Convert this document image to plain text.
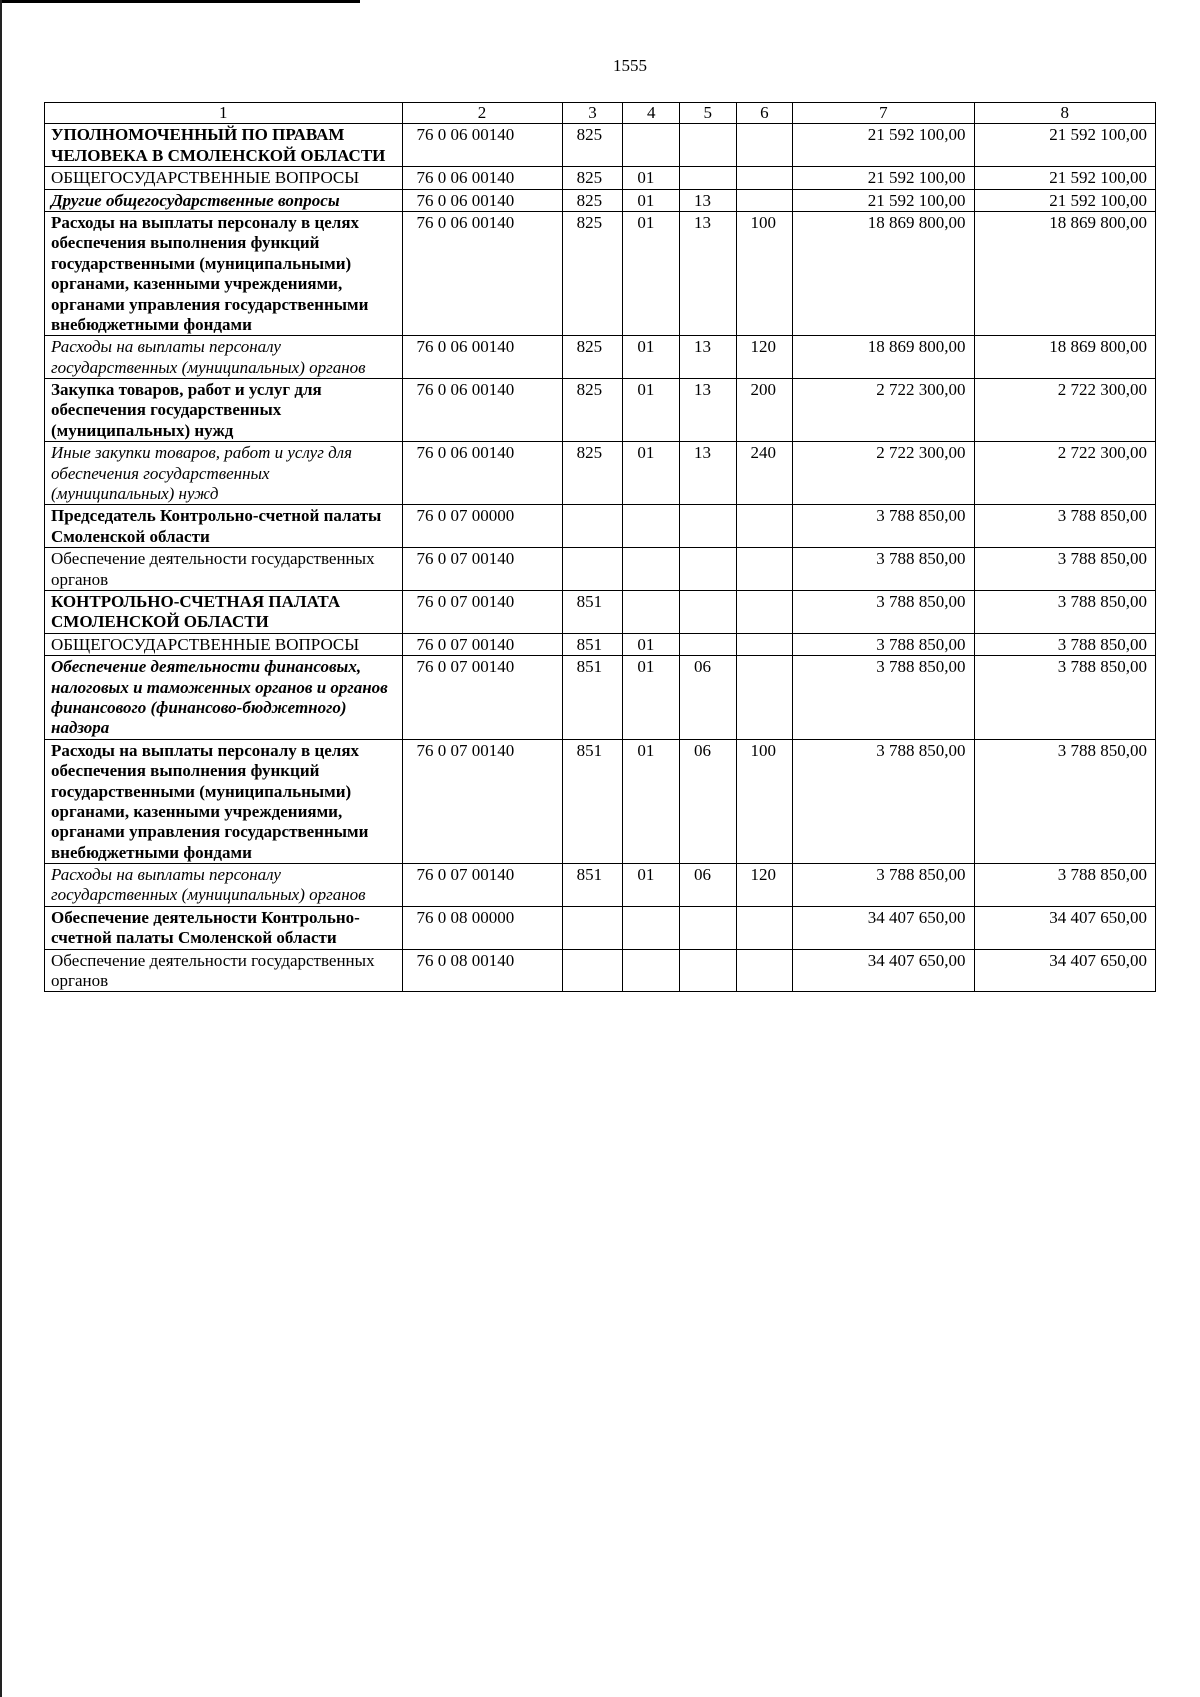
1555
1	2	3	4	5	6	7	8
УПОЛНОМОЧЕННЫЙ ПО ПРАВАМ ЧЕЛОВЕКА В СМОЛЕНСКОЙ ОБЛАСТИ	76 0 06 00140	825				21 592 100,00	21 592 100,00
ОБЩЕГОСУДАРСТВЕННЫЕ ВОПРОСЫ	76 0 06 00140	825	01			21 592 100,00	21 592 100,00
Другие общегосударственные вопросы	76 0 06 00140	825	01	13		21 592 100,00	21 592 100,00
Расходы на выплаты персоналу в целях обеспечения выполнения функций государственными (муниципальными) органами, казенными учреждениями, органами управления государственными внебюджетными фондами	76 0 06 00140	825	01	13	100	18 869 800,00	18 869 800,00
Расходы на выплаты персоналу государственных (муниципальных) органов	76 0 06 00140	825	01	13	120	18 869 800,00	18 869 800,00
Закупка товаров, работ и услуг для обеспечения государственных (муниципальных) нужд	76 0 06 00140	825	01	13	200	2 722 300,00	2 722 300,00
Иные закупки товаров, работ и услуг для обеспечения государственных (муниципальных) нужд	76 0 06 00140	825	01	13	240	2 722 300,00	2 722 300,00
Председатель Контрольно-счетной палаты Смоленской области	76 0 07 00000					3 788 850,00	3 788 850,00
Обеспечение деятельности государственных органов	76 0 07 00140					3 788 850,00	3 788 850,00
КОНТРОЛЬНО-СЧЕТНАЯ ПАЛАТА СМОЛЕНСКОЙ ОБЛАСТИ	76 0 07 00140	851				3 788 850,00	3 788 850,00
ОБЩЕГОСУДАРСТВЕННЫЕ ВОПРОСЫ	76 0 07 00140	851	01			3 788 850,00	3 788 850,00
Обеспечение деятельности финансовых, налоговых и таможенных органов и органов финансового (финансово-бюджетного) надзора	76 0 07 00140	851	01	06		3 788 850,00	3 788 850,00
Расходы на выплаты персоналу в целях обеспечения выполнения функций государственными (муниципальными) органами, казенными учреждениями, органами управления государственными внебюджетными фондами	76 0 07 00140	851	01	06	100	3 788 850,00	3 788 850,00
Расходы на выплаты персоналу государственных (муниципальных) органов	76 0 07 00140	851	01	06	120	3 788 850,00	3 788 850,00
Обеспечение деятельности Контрольно-счетной палаты Смоленской области	76 0 08 00000					34 407 650,00	34 407 650,00
Обеспечение деятельности государственных органов	76 0 08 00140					34 407 650,00	34 407 650,00
